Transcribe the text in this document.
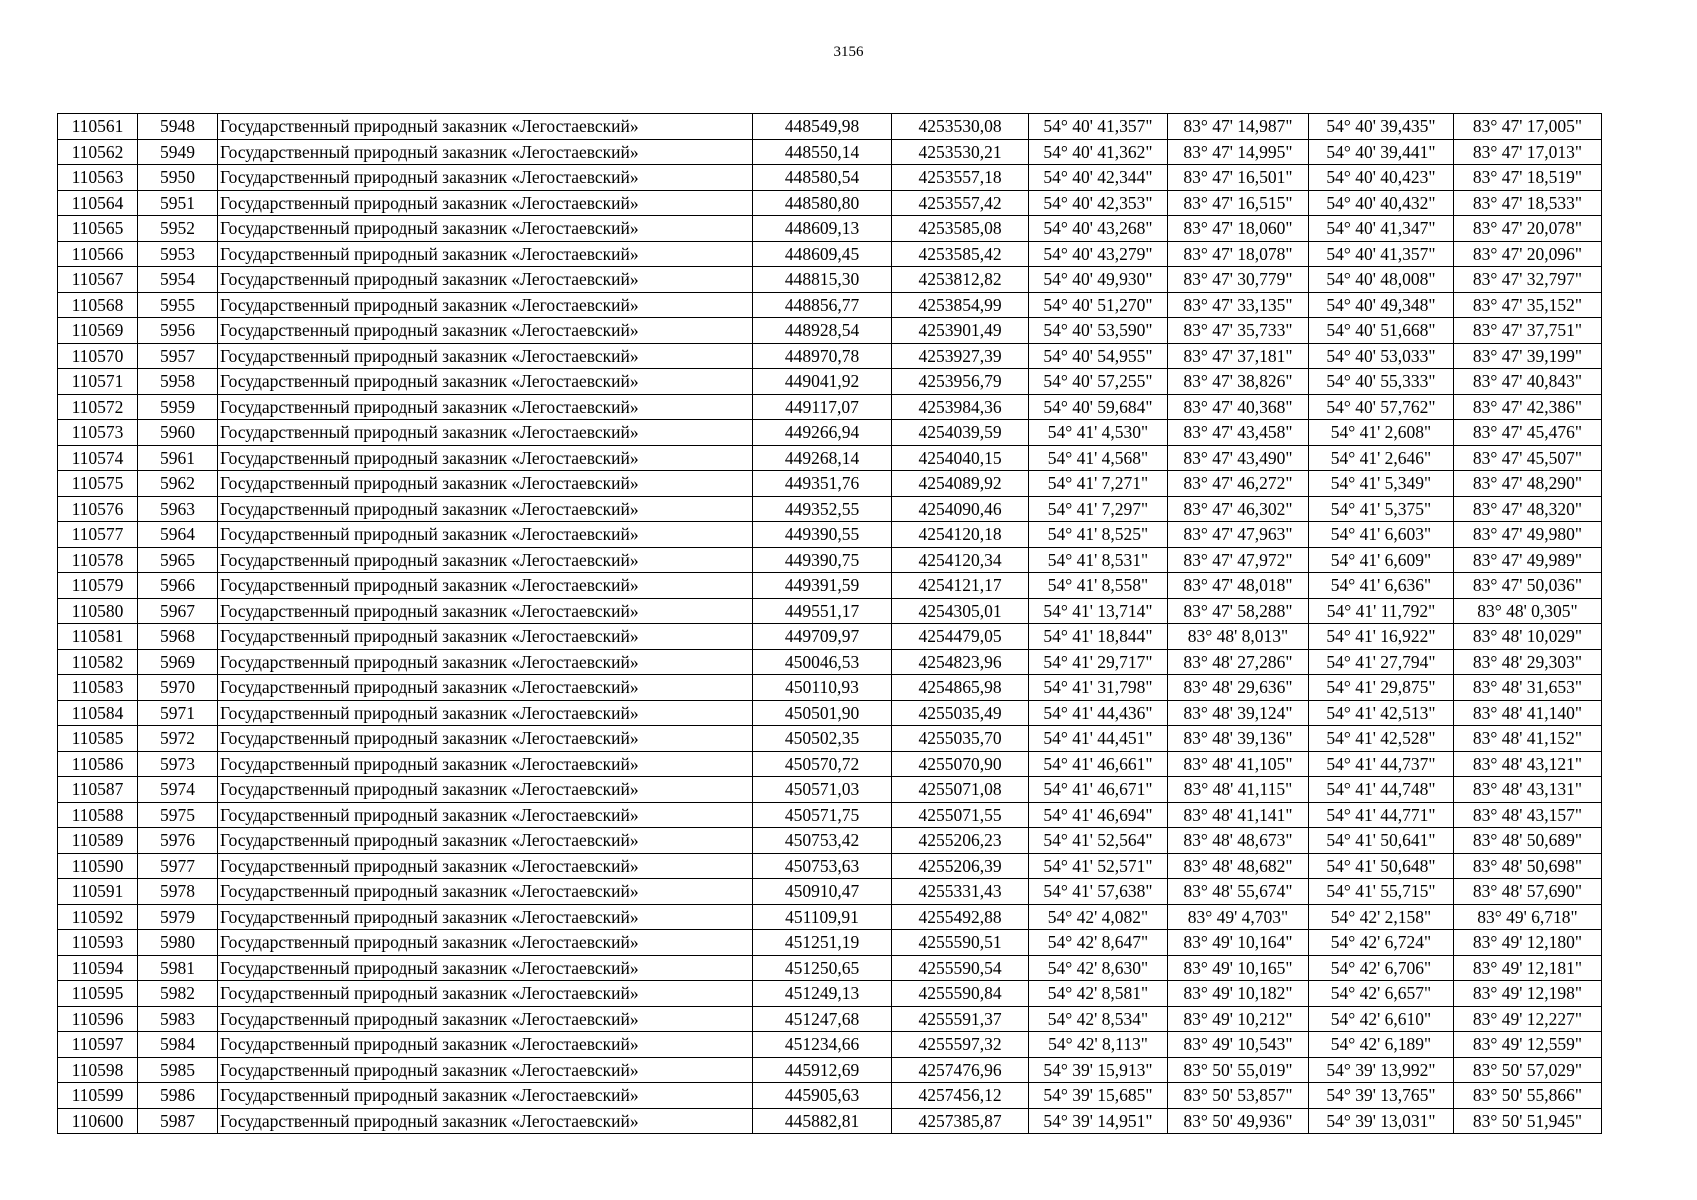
3156
110561	5948	Государственный природный заказник «Легостаевский»	448549,98	4253530,08	54° 40' 41,357"	83° 47' 14,987"	54° 40' 39,435"	83° 47' 17,005"
110562	5949	Государственный природный заказник «Легостаевский»	448550,14	4253530,21	54° 40' 41,362"	83° 47' 14,995"	54° 40' 39,441"	83° 47' 17,013"
110563	5950	Государственный природный заказник «Легостаевский»	448580,54	4253557,18	54° 40' 42,344"	83° 47' 16,501"	54° 40' 40,423"	83° 47' 18,519"
110564	5951	Государственный природный заказник «Легостаевский»	448580,80	4253557,42	54° 40' 42,353"	83° 47' 16,515"	54° 40' 40,432"	83° 47' 18,533"
110565	5952	Государственный природный заказник «Легостаевский»	448609,13	4253585,08	54° 40' 43,268"	83° 47' 18,060"	54° 40' 41,347"	83° 47' 20,078"
110566	5953	Государственный природный заказник «Легостаевский»	448609,45	4253585,42	54° 40' 43,279"	83° 47' 18,078"	54° 40' 41,357"	83° 47' 20,096"
110567	5954	Государственный природный заказник «Легостаевский»	448815,30	4253812,82	54° 40' 49,930"	83° 47' 30,779"	54° 40' 48,008"	83° 47' 32,797"
110568	5955	Государственный природный заказник «Легостаевский»	448856,77	4253854,99	54° 40' 51,270"	83° 47' 33,135"	54° 40' 49,348"	83° 47' 35,152"
110569	5956	Государственный природный заказник «Легостаевский»	448928,54	4253901,49	54° 40' 53,590"	83° 47' 35,733"	54° 40' 51,668"	83° 47' 37,751"
110570	5957	Государственный природный заказник «Легостаевский»	448970,78	4253927,39	54° 40' 54,955"	83° 47' 37,181"	54° 40' 53,033"	83° 47' 39,199"
110571	5958	Государственный природный заказник «Легостаевский»	449041,92	4253956,79	54° 40' 57,255"	83° 47' 38,826"	54° 40' 55,333"	83° 47' 40,843"
110572	5959	Государственный природный заказник «Легостаевский»	449117,07	4253984,36	54° 40' 59,684"	83° 47' 40,368"	54° 40' 57,762"	83° 47' 42,386"
110573	5960	Государственный природный заказник «Легостаевский»	449266,94	4254039,59	54° 41' 4,530"	83° 47' 43,458"	54° 41' 2,608"	83° 47' 45,476"
110574	5961	Государственный природный заказник «Легостаевский»	449268,14	4254040,15	54° 41' 4,568"	83° 47' 43,490"	54° 41' 2,646"	83° 47' 45,507"
110575	5962	Государственный природный заказник «Легостаевский»	449351,76	4254089,92	54° 41' 7,271"	83° 47' 46,272"	54° 41' 5,349"	83° 47' 48,290"
110576	5963	Государственный природный заказник «Легостаевский»	449352,55	4254090,46	54° 41' 7,297"	83° 47' 46,302"	54° 41' 5,375"	83° 47' 48,320"
110577	5964	Государственный природный заказник «Легостаевский»	449390,55	4254120,18	54° 41' 8,525"	83° 47' 47,963"	54° 41' 6,603"	83° 47' 49,980"
110578	5965	Государственный природный заказник «Легостаевский»	449390,75	4254120,34	54° 41' 8,531"	83° 47' 47,972"	54° 41' 6,609"	83° 47' 49,989"
110579	5966	Государственный природный заказник «Легостаевский»	449391,59	4254121,17	54° 41' 8,558"	83° 47' 48,018"	54° 41' 6,636"	83° 47' 50,036"
110580	5967	Государственный природный заказник «Легостаевский»	449551,17	4254305,01	54° 41' 13,714"	83° 47' 58,288"	54° 41' 11,792"	83° 48' 0,305"
110581	5968	Государственный природный заказник «Легостаевский»	449709,97	4254479,05	54° 41' 18,844"	83° 48' 8,013"	54° 41' 16,922"	83° 48' 10,029"
110582	5969	Государственный природный заказник «Легостаевский»	450046,53	4254823,96	54° 41' 29,717"	83° 48' 27,286"	54° 41' 27,794"	83° 48' 29,303"
110583	5970	Государственный природный заказник «Легостаевский»	450110,93	4254865,98	54° 41' 31,798"	83° 48' 29,636"	54° 41' 29,875"	83° 48' 31,653"
110584	5971	Государственный природный заказник «Легостаевский»	450501,90	4255035,49	54° 41' 44,436"	83° 48' 39,124"	54° 41' 42,513"	83° 48' 41,140"
110585	5972	Государственный природный заказник «Легостаевский»	450502,35	4255035,70	54° 41' 44,451"	83° 48' 39,136"	54° 41' 42,528"	83° 48' 41,152"
110586	5973	Государственный природный заказник «Легостаевский»	450570,72	4255070,90	54° 41' 46,661"	83° 48' 41,105"	54° 41' 44,737"	83° 48' 43,121"
110587	5974	Государственный природный заказник «Легостаевский»	450571,03	4255071,08	54° 41' 46,671"	83° 48' 41,115"	54° 41' 44,748"	83° 48' 43,131"
110588	5975	Государственный природный заказник «Легостаевский»	450571,75	4255071,55	54° 41' 46,694"	83° 48' 41,141"	54° 41' 44,771"	83° 48' 43,157"
110589	5976	Государственный природный заказник «Легостаевский»	450753,42	4255206,23	54° 41' 52,564"	83° 48' 48,673"	54° 41' 50,641"	83° 48' 50,689"
110590	5977	Государственный природный заказник «Легостаевский»	450753,63	4255206,39	54° 41' 52,571"	83° 48' 48,682"	54° 41' 50,648"	83° 48' 50,698"
110591	5978	Государственный природный заказник «Легостаевский»	450910,47	4255331,43	54° 41' 57,638"	83° 48' 55,674"	54° 41' 55,715"	83° 48' 57,690"
110592	5979	Государственный природный заказник «Легостаевский»	451109,91	4255492,88	54° 42' 4,082"	83° 49' 4,703"	54° 42' 2,158"	83° 49' 6,718"
110593	5980	Государственный природный заказник «Легостаевский»	451251,19	4255590,51	54° 42' 8,647"	83° 49' 10,164"	54° 42' 6,724"	83° 49' 12,180"
110594	5981	Государственный природный заказник «Легостаевский»	451250,65	4255590,54	54° 42' 8,630"	83° 49' 10,165"	54° 42' 6,706"	83° 49' 12,181"
110595	5982	Государственный природный заказник «Легостаевский»	451249,13	4255590,84	54° 42' 8,581"	83° 49' 10,182"	54° 42' 6,657"	83° 49' 12,198"
110596	5983	Государственный природный заказник «Легостаевский»	451247,68	4255591,37	54° 42' 8,534"	83° 49' 10,212"	54° 42' 6,610"	83° 49' 12,227"
110597	5984	Государственный природный заказник «Легостаевский»	451234,66	4255597,32	54° 42' 8,113"	83° 49' 10,543"	54° 42' 6,189"	83° 49' 12,559"
110598	5985	Государственный природный заказник «Легостаевский»	445912,69	4257476,96	54° 39' 15,913"	83° 50' 55,019"	54° 39' 13,992"	83° 50' 57,029"
110599	5986	Государственный природный заказник «Легостаевский»	445905,63	4257456,12	54° 39' 15,685"	83° 50' 53,857"	54° 39' 13,765"	83° 50' 55,866"
110600	5987	Государственный природный заказник «Легостаевский»	445882,81	4257385,87	54° 39' 14,951"	83° 50' 49,936"	54° 39' 13,031"	83° 50' 51,945"
